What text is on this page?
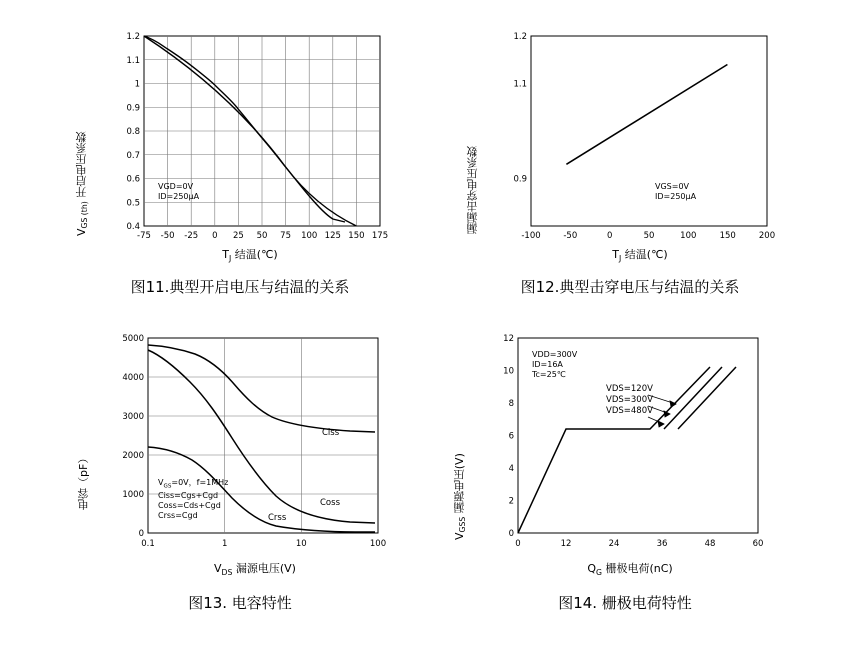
$V_{GS (th)}$ 开启电压系数
1.2
1.1
1
0.9
0.8
0.7
0.6
0.5
0.4
-75 -50 -25 0 25 50 75 100 125 150 175
VGD=0V
ID=250μA
$T_J$ 结温(℃)
图11.典型开启电压与结温的关系
漏漏击穿电压系数
1.2
1.1
0.9
-100	-50	0	50	100	150	200
VGS=0V
ID=250μA
$T_J$ 结温(℃)
图12.典型击穿电压与结温的关系
电容（pF）
5000
4000
3000
2000
1000
0
0.1	1	10	100
Ciss
Crss
Coss
$V_{GS}=0V$，f=1MHz
Ciss=Cgs+Cgd
Coss=Cds+Cgd
Crss=Cgd
$V_{DS}$ 漏源电压(V)
图13. 电容特性
$V_{GSS}$ 漏源电压(V)
12
10
8
6
4
2
0
0	12	24	36	48	60
VDD=300V
ID=16A
Tc=25℃
VDS=120V
VDS=300V
VDS=480V
$Q_G$ 栅极电荷(nC)
图14. 栅极电荷特性
